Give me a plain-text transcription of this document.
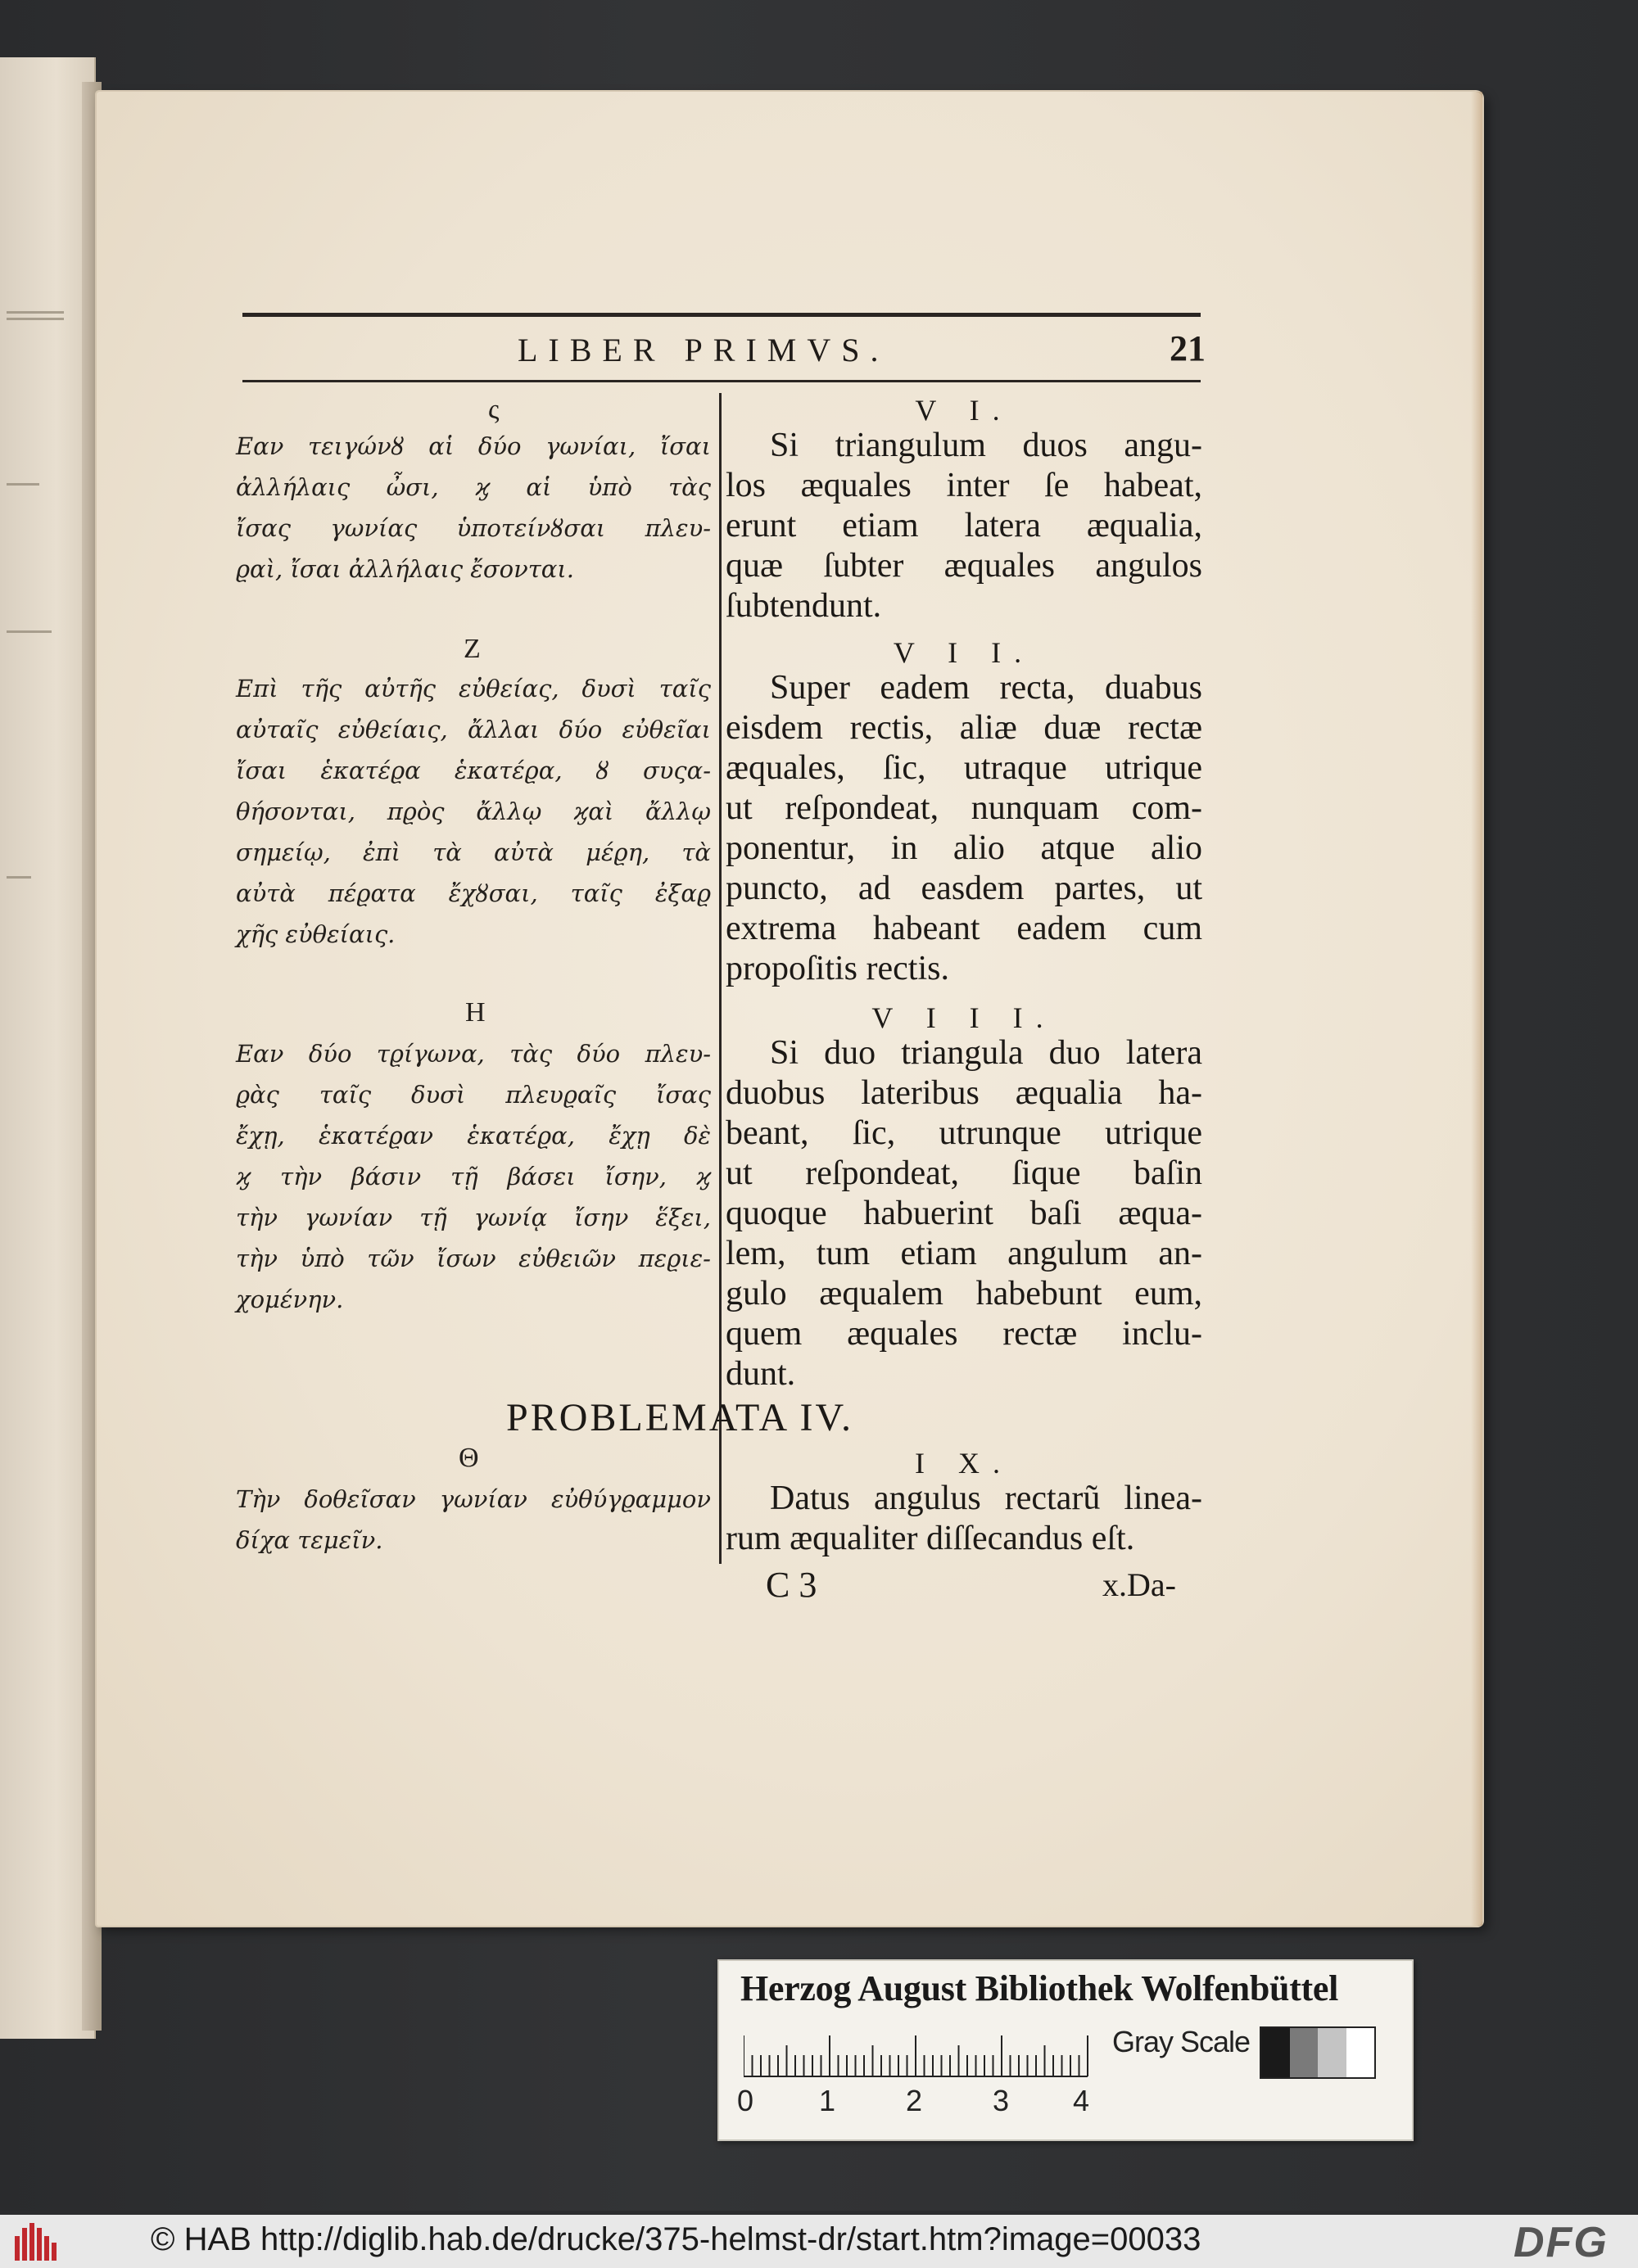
LIBER PRIMVS.	21
ς
Εαν τειγώνȣ αἱ δύο γωνίαι, ἴσαι
ἀλλήλαις ὦσι, ϗ αἱ ὑπὸ τὰς
ἴσας γωνίας ὑποτείνȣσαι πλευ-
ϱαὶ, ἴσαι ἀλλήλαις ἔσονται.
Z
Επὶ τῆς αὐτῆς εὐθείας, δυσὶ ταῖς
αὐταῖς εὐθείαις, ἄλλαι δύο εὐθεῖαι
ἴσαι ἑκατέϱα ἑκατέϱα, ȣ συςα-
θήσονται, πϱὸς ἄλλῳ ϗαὶ ἄλλῳ
σημείῳ, ἐπὶ τὰ αὐτὰ μέϱη, τὰ
αὐτὰ πέϱατα ἔχȣσαι, ταῖς ἐξαϱ
χῆς εὐθείαις.
H
Εαν δύο τϱίγωνα, τὰς δύο πλευ-
ϱὰς ταῖς δυσὶ πλευϱαῖς ἴσας
ἔχῃ, ἑκατέϱαν ἑκατέϱα, ἔχῃ δὲ
ϗ τὴν βάσιν τῇ βάσει ἴσην, ϗ
τὴν γωνίαν τῇ γωνίᾳ ἴσην ἕξει,
τὴν ὑπὸ τῶν ἴσων εὐθειῶν πεϱιε-
χομένην.
Θ
Τὴν δοθεῖσαν γωνίαν εὐθύγϱαμμον
δίχα τεμεῖν.
V I.
Si triangulum duos angu-
los æquales inter ſe habeat,
erunt etiam latera æqualia,
quæ ſubter æquales angulos
ſubtendunt.
V I I.
Super eadem recta, duabus
eisdem rectis, aliæ duæ rectæ
æquales, ſic, utraque utrique
ut reſpondeat, nunquam com-
ponentur, in alio atque alio
puncto, ad easdem partes, ut
extrema habeant eadem cum
propoſitis rectis.
V I I I.
Si duo triangula duo latera
duobus lateribus æqualia ha-
beant, ſic, utrunque utrique
ut reſpondeat, ſique baſin
quoque habuerint baſi æqua-
lem, tum etiam angulum an-
gulo æqualem habebunt eum,
quem æquales rectæ inclu-
dunt.
PROBLEMATA IV.
I X.
Datus angulus rectarũ linea-
rum æqualiter diſſecandus eſt.
C 3	x.Da-
Herzog August Bibliothek Wolfenbüttel
Gray Scale
0 1 2 3 4
© HAB http://diglib.hab.de/drucke/375-helmst-dr/start.htm?image=00033	DFG
